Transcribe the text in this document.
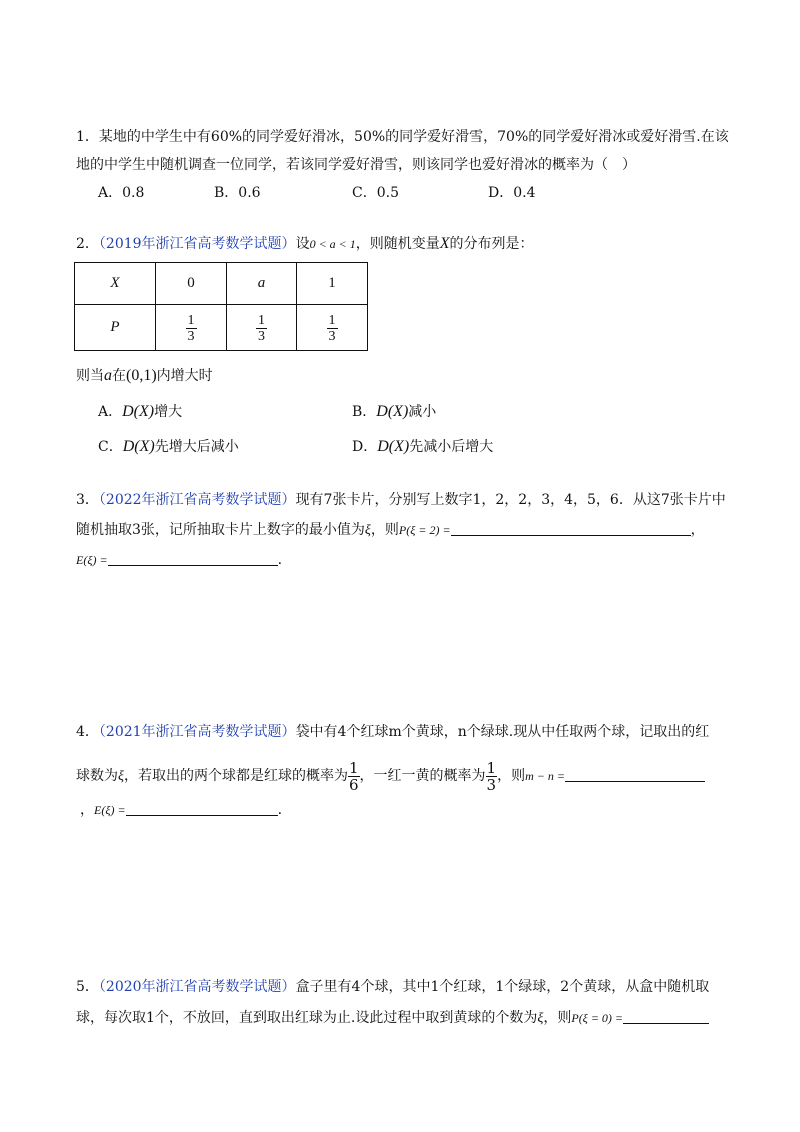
1．某地的中学生中有60%的同学爱好滑冰，50%的同学爱好滑雪，70%的同学爱好滑冰或爱好滑雪.在该
地的中学生中随机调查一位同学，若该同学爱好滑雪，则该同学也爱好滑冰的概率为（　）
A．0.8	B．0.6	C．0.5	D．0.4
2．（2019年浙江省高考数学试题）设0 < a < 1，则随机变量X的分布列是：
X	0	a	1
P	$\frac{1}{3}$	$\frac{1}{3}$	$\frac{1}{3}$
则当a在(0,1)内增大时
A．D(X)增大	B．D(X)减小
C．D(X)先增大后减小	D．D(X)先减小后增大
3．（2022年浙江省高考数学试题）现有7张卡片，分别写上数字1，2，2，3，4，5，6．从这7张卡片中
随机抽取3张，记所抽取卡片上数字的最小值为ξ，则P(ξ = 2) =	，
E(ξ) =	.
4．（2021年浙江省高考数学试题）袋中有4个红球m个黄球，n个绿球.现从中任取两个球，记取出的红
球数为ξ，若取出的两个球都是红球的概率为 $\frac{1}{6}$ ，一红一黄的概率为 $\frac{1}{3}$ ，则m − n =
，E(ξ) =	.
5．（2020年浙江省高考数学试题）盒子里有4个球，其中1个红球，1个绿球，2个黄球，从盒中随机取
球，每次取1个，不放回，直到取出红球为止.设此过程中取到黄球的个数为ξ，则P(ξ = 0) =
